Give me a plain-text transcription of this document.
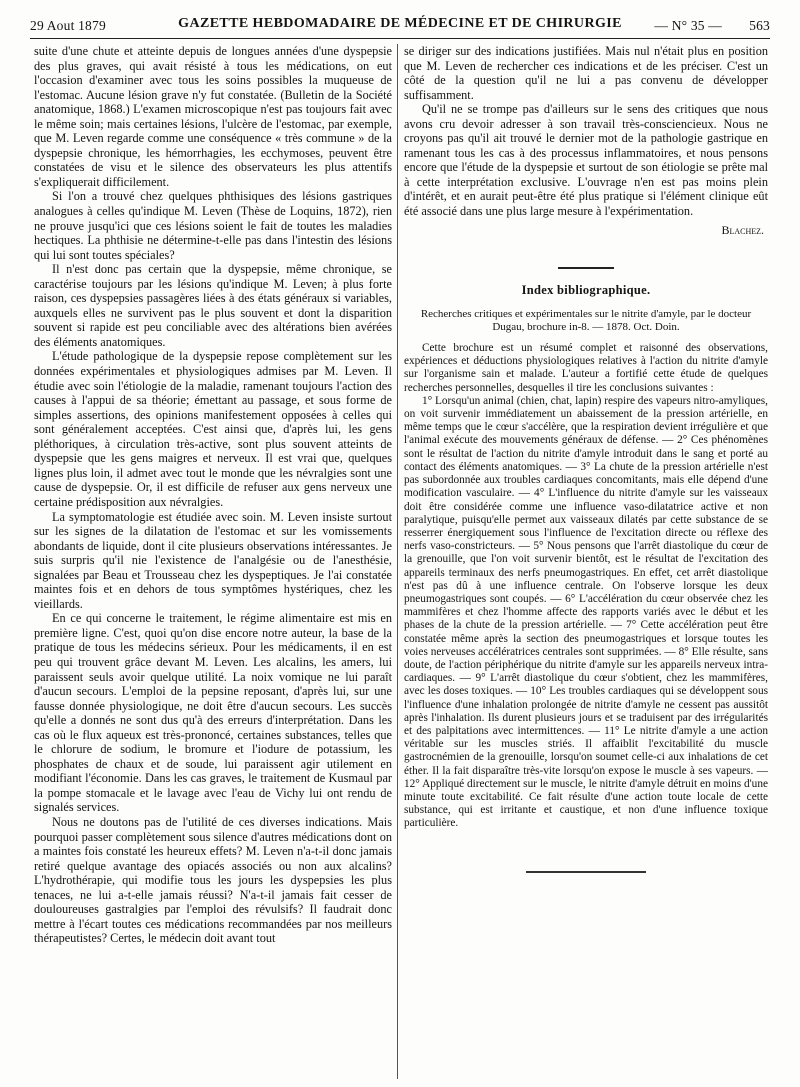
29 Aout 1879	GAZETTE HEBDOMADAIRE DE MÉDECINE ET DE CHIRURGIE	— N° 35 — 563

suite d'une chute et atteinte depuis de longues années d'une dyspepsie des plus graves, qui avait résisté à tous les médications, on eut l'occasion d'examiner avec tous les soins possibles la muqueuse de l'estomac. Aucune lésion grave n'y fut constatée. (Bulletin de la Société anatomique, 1868.) L'examen microscopique n'est pas toujours fait avec le même soin; mais certaines lésions, l'ulcère de l'estomac, par exemple, que M. Leven regarde comme une conséquence « très commune » de la dyspepsie chronique, les hémorrhagies, les ecchymoses, peuvent être constatées de visu et le silence des observateurs les plus attentifs s'expliquerait difficilement.

Si l'on a trouvé chez quelques phthisiques des lésions gastriques analogues à celles qu'indique M. Leven (Thèse de Loquins, 1872), rien ne prouve jusqu'ici que ces lésions soient le fait de toutes les maladies hectiques. La phthisie ne détermine-t-elle pas dans l'intestin des lésions qui lui sont toutes spéciales?

Il n'est donc pas certain que la dyspepsie, même chronique, se caractérise toujours par les lésions qu'indique M. Leven; à plus forte raison, ces dyspepsies passagères liées à des états généraux si variables, auxquels elles ne survivent pas le plus souvent et dont la disparition souvent si rapide est peu conciliable avec des altérations bien avérées des éléments anatomiques.

L'étude pathologique de la dyspepsie repose complètement sur les données expérimentales et physiologiques admises par M. Leven. Il étudie avec soin l'étiologie de la maladie, ramenant toujours l'action des causes à l'appui de sa théorie; émettant au passage, et sous forme de simples assertions, des opinions manifestement opposées à celles qui sont généralement acceptées. C'est ainsi que, d'après lui, les gens pléthoriques, à circulation très-active, sont plus souvent atteints de dyspepsie que les gens maigres et nerveux. Il est vrai que, quelques lignes plus loin, il admet avec tout le monde que les névralgies sont une cause de dyspepsie. Or, il est difficile de refuser aux gens nerveux une certaine prédisposition aux névralgies.

La symptomatologie est étudiée avec soin. M. Leven insiste surtout sur les signes de la dilatation de l'estomac et sur les vomissements abondants de liquide, dont il cite plusieurs observations intéressantes. Je suis surpris qu'il nie l'existence de l'analgésie ou de l'anesthésie, signalées par Beau et Trousseau chez les dyspeptiques. Je l'ai constatée maintes fois et en dehors de tous symptômes hystériques, chez les vieillards.

En ce qui concerne le traitement, le régime alimentaire est mis en première ligne. C'est, quoi qu'on dise encore notre auteur, la base de la pratique de tous les médecins sérieux. Pour les médicaments, il en est peu qui trouvent grâce devant M. Leven. Les alcalins, les amers, lui paraissent seuls avoir quelque utilité. La noix vomique ne lui paraît d'aucun secours. L'emploi de la pepsine reposant, d'après lui, sur une fausse donnée physiologique, ne doit être d'aucun secours. Les succès qu'elle a donnés ne sont dus qu'à des erreurs d'interprétation. Dans les cas où le flux aqueux est très-prononcé, certaines substances, telles que le chlorure de sodium, le bromure et l'iodure de potassium, les phosphates de chaux et de soude, lui paraissent agir utilement en modifiant l'économie. Dans les cas graves, le traitement de Kusmaul par la pompe stomacale et le lavage avec l'eau de Vichy lui ont rendu de signalés services.

Nous ne doutons pas de l'utilité de ces diverses indications. Mais pourquoi passer complètement sous silence d'autres médications dont on a maintes fois constaté les heureux effets? M. Leven n'a-t-il donc jamais retiré quelque avantage des opiacés associés ou non aux alcalins? L'hydrothérapie, qui modifie tous les jours les dyspepsies les plus tenaces, ne lui a-t-elle jamais réussi? N'a-t-il jamais fait cesser de douloureuses gastralgies par l'emploi des révulsifs? Il faudrait donc mettre à l'écart toutes ces médications recommandées par nos meilleurs thérapeutistes? Certes, le médecin doit avant tout

se diriger sur des indications justifiées. Mais nul n'était plus en position que M. Leven de rechercher ces indications et de les préciser. C'est un côté de la question qu'il ne lui a pas convenu de développer suffisamment.

Qu'il ne se trompe pas d'ailleurs sur le sens des critiques que nous avons cru devoir adresser à son travail très-consciencieux. Nous ne croyons pas qu'il ait trouvé le dernier mot de la pathologie gastrique en ramenant tous les cas à des processus inflammatoires, et nous pensons encore que l'étude de la dyspepsie et surtout de son étiologie se prête mal à cette interprétation exclusive. L'ouvrage n'en est pas moins plein d'intérêt, et en aurait peut-être été plus pratique si l'élément clinique eût été associé dans une plus large mesure à l'expérimentation.

Blachez.
Index bibliographique.
Recherches critiques et expérimentales sur le nitrite d'amyle, par le docteur Dugau, brochure in-8. — 1878. Oct. Doin.

Cette brochure est un résumé complet et raisonné des observations, expériences et déductions physiologiques relatives à l'action du nitrite d'amyle sur l'organisme sain et malade. L'auteur a fortifié cette étude de quelques recherches personnelles, desquelles il tire les conclusions suivantes :

1° Lorsqu'un animal (chien, chat, lapin) respire des vapeurs nitro-amyliques, on voit survenir immédiatement un abaissement de la pression artérielle, en même temps que le cœur s'accélère, que la respiration devient irrégulière et que l'animal exécute des mouvements généraux de défense. — 2° Ces phénomènes sont le résultat de l'action du nitrite d'amyle introduit dans le sang et porté au contact des éléments anatomiques. — 3° La chute de la pression artérielle n'est pas subordonnée aux troubles cardiaques concomitants, mais elle dépend d'une modification vasculaire. — 4° L'influence du nitrite d'amyle sur les vaisseaux doit être considérée comme une influence vaso-dilatatrice active et non paralytique, puisqu'elle permet aux vaisseaux dilatés par cette substance de se resserrer énergiquement sous l'influence de l'excitation directe ou réflexe des nerfs vaso-constricteurs. — 5° Nous pensons que l'arrêt diastolique du cœur de la grenouille, que l'on voit survenir bientôt, est le résultat de l'excitation des appareils terminaux des nerfs pneumogastriques. En effet, cet arrêt diastolique n'est pas dû à une influence centrale. On l'observe lorsque les deux pneumogastriques sont coupés. — 6° L'accélération du cœur observée chez les mammifères et chez l'homme affecte des rapports variés avec le début et les phases de la chute de la pression artérielle. — 7° Cette accélération peut être constatée même après la section des pneumogastriques et lorsque toutes les voies nerveuses accélératrices centrales sont supprimées. — 8° Elle résulte, sans doute, de l'action périphérique du nitrite d'amyle sur les appareils nerveux intra-cardiaques. — 9° L'arrêt diastolique du cœur s'obtient, chez les mammifères, avec les doses toxiques. — 10° Les troubles cardiaques qui se développent sous l'influence d'une inhalation prolongée de nitrite d'amyle ne cessent pas aussitôt après l'inhalation. Ils durent plusieurs jours et se traduisent par des irrégularités et des palpitations avec intermittences. — 11° Le nitrite d'amyle a une action véritable sur les muscles striés. Il affaiblit l'excitabilité du muscle gastrocnémien de la grenouille, lorsqu'on soumet celle-ci aux inhalations de cet éther. Il la fait disparaître très-vite lorsqu'on expose le muscle à ses vapeurs. — 12° Appliqué directement sur le muscle, le nitrite d'amyle détruit en moins d'une minute toute excitabilité. Ce fait résulte d'une action toute locale de cette substance, qui est irritante et caustique, et non d'une influence toxique particulière.
